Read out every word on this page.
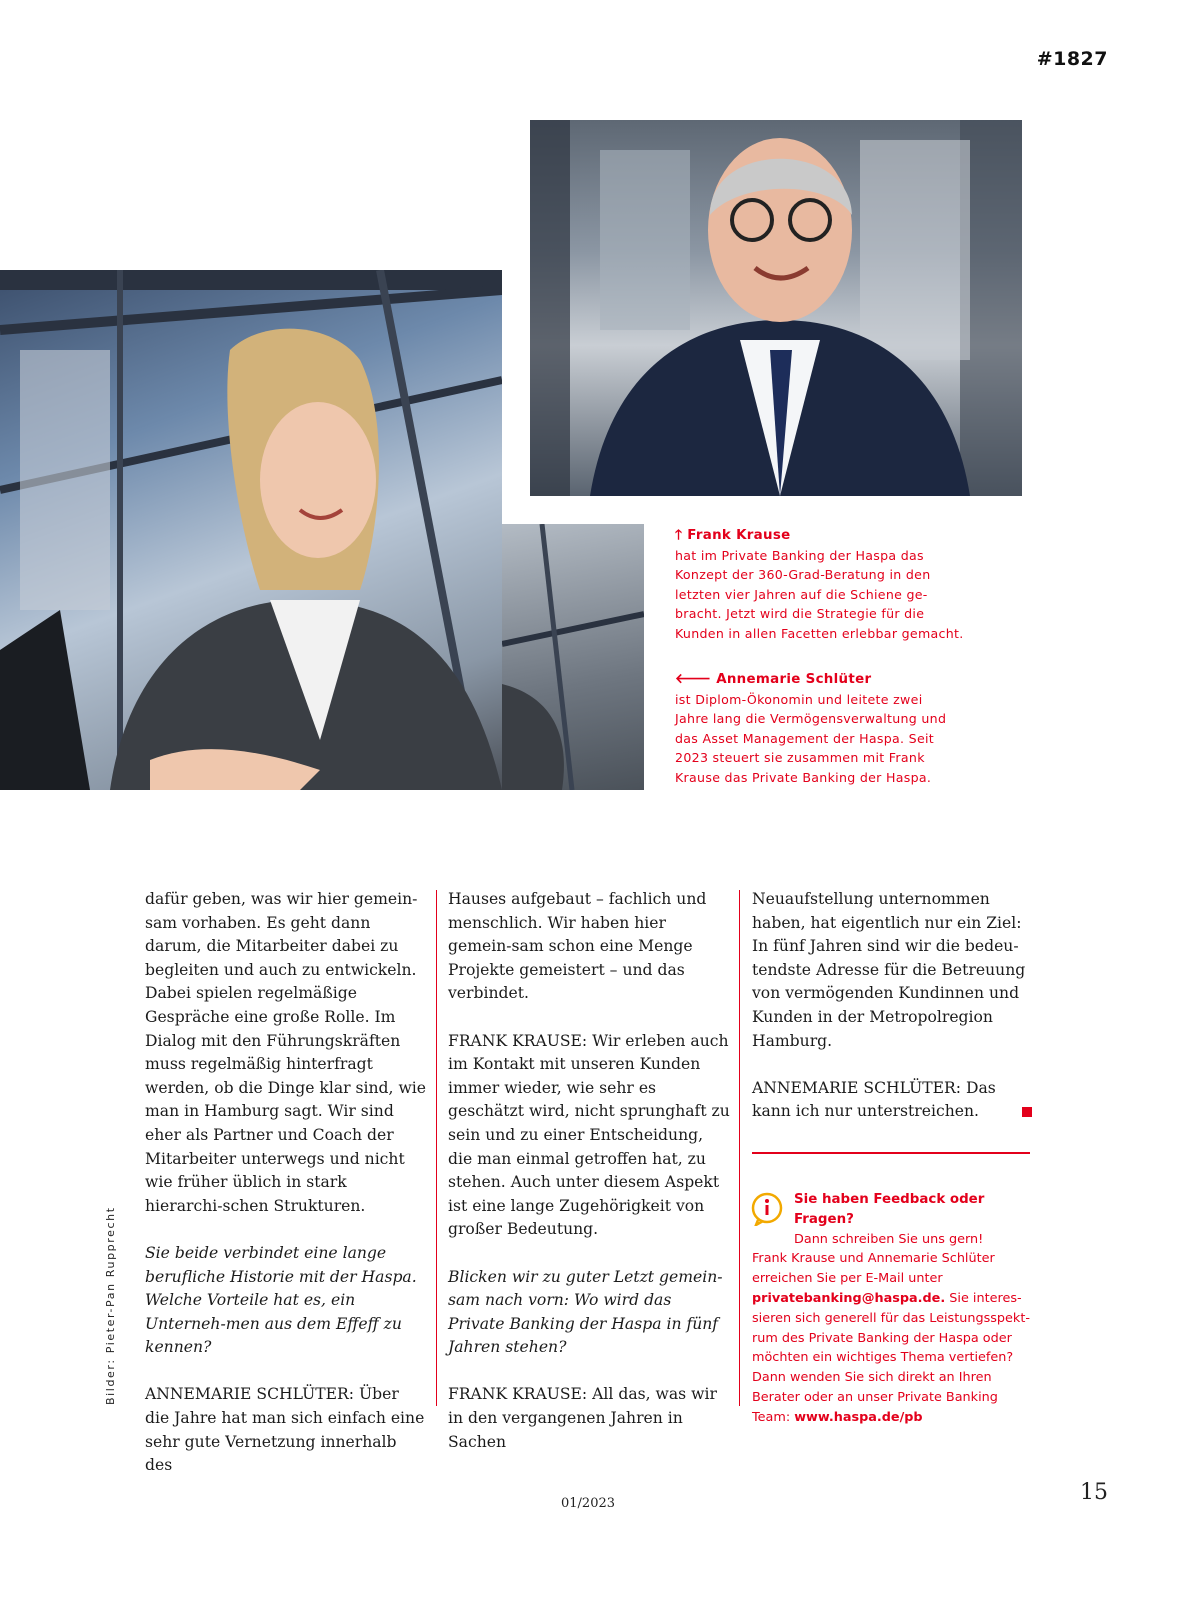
#1827
🡑 Frank Krause
hat im Private Banking der Haspa das
Konzept der 360-Grad-Beratung in den
letzten vier Jahren auf die Schiene ge-
bracht. Jetzt wird die Strategie für die
Kunden in allen Facetten erlebbar gemacht.
🡐 Annemarie Schlüter
ist Diplom-Ökonomin und leitete zwei
Jahre lang die Vermögensverwaltung und
das Asset Management der Haspa. Seit
2023 steuert sie zusammen mit Frank
Krause das Private Banking der Haspa.
Bilder: Pieter-Pan Rupprecht

dafür geben, was wir hier gemein-sam vorhaben. Es geht dann darum, die Mitarbeiter dabei zu begleiten und auch zu entwickeln. Dabei spielen regelmäßige Gespräche eine große Rolle. Im Dialog mit den Führungskräften muss regelmäßig hinterfragt werden, ob die Dinge klar sind, wie man in Hamburg sagt. Wir sind eher als Partner und Coach der Mitarbeiter unterwegs und nicht wie früher üblich in stark hierarchi-schen Strukturen.

Sie beide verbindet eine lange berufliche Historie mit der Haspa. Welche Vorteile hat es, ein Unterneh-men aus dem Effeff zu kennen?

ANNEMARIE SCHLÜTER: Über die Jahre hat man sich einfach eine sehr gute Vernetzung innerhalb des

Hauses aufgebaut – fachlich und menschlich. Wir haben hier gemein-sam schon eine Menge Projekte gemeistert – und das verbindet.

FRANK KRAUSE: Wir erleben auch im Kontakt mit unseren Kunden immer wieder, wie sehr es geschätzt wird, nicht sprunghaft zu sein und zu einer Entscheidung, die man einmal getroffen hat, zu stehen. Auch unter diesem Aspekt ist eine lange Zugehörigkeit von großer Bedeutung.

Blicken wir zu guter Letzt gemein-sam nach vorn: Wo wird das Private Banking der Haspa in fünf Jahren stehen?

FRANK KRAUSE: All das, was wir in den vergangenen Jahren in Sachen

Neuaufstellung unternommen haben, hat eigentlich nur ein Ziel: In fünf Jahren sind wir die bedeu-tendste Adresse für die Betreuung von vermögenden Kundinnen und Kunden in der Metropolregion Hamburg.

ANNEMARIE SCHLÜTER: Das kann ich nur unterstreichen.

Sie haben Feedback oder Fragen?
Dann schreiben Sie uns gern!
Frank Krause und Annemarie Schlüter erreichen Sie per E-Mail unter privatebanking@haspa.de. Sie interes-sieren sich generell für das Leistungsspekt-rum des Private Banking der Haspa oder möchten ein wichtiges Thema vertiefen? Dann wenden Sie sich direkt an Ihren Berater oder an unser Private Banking Team: www.haspa.de/pb
01/2023	15
